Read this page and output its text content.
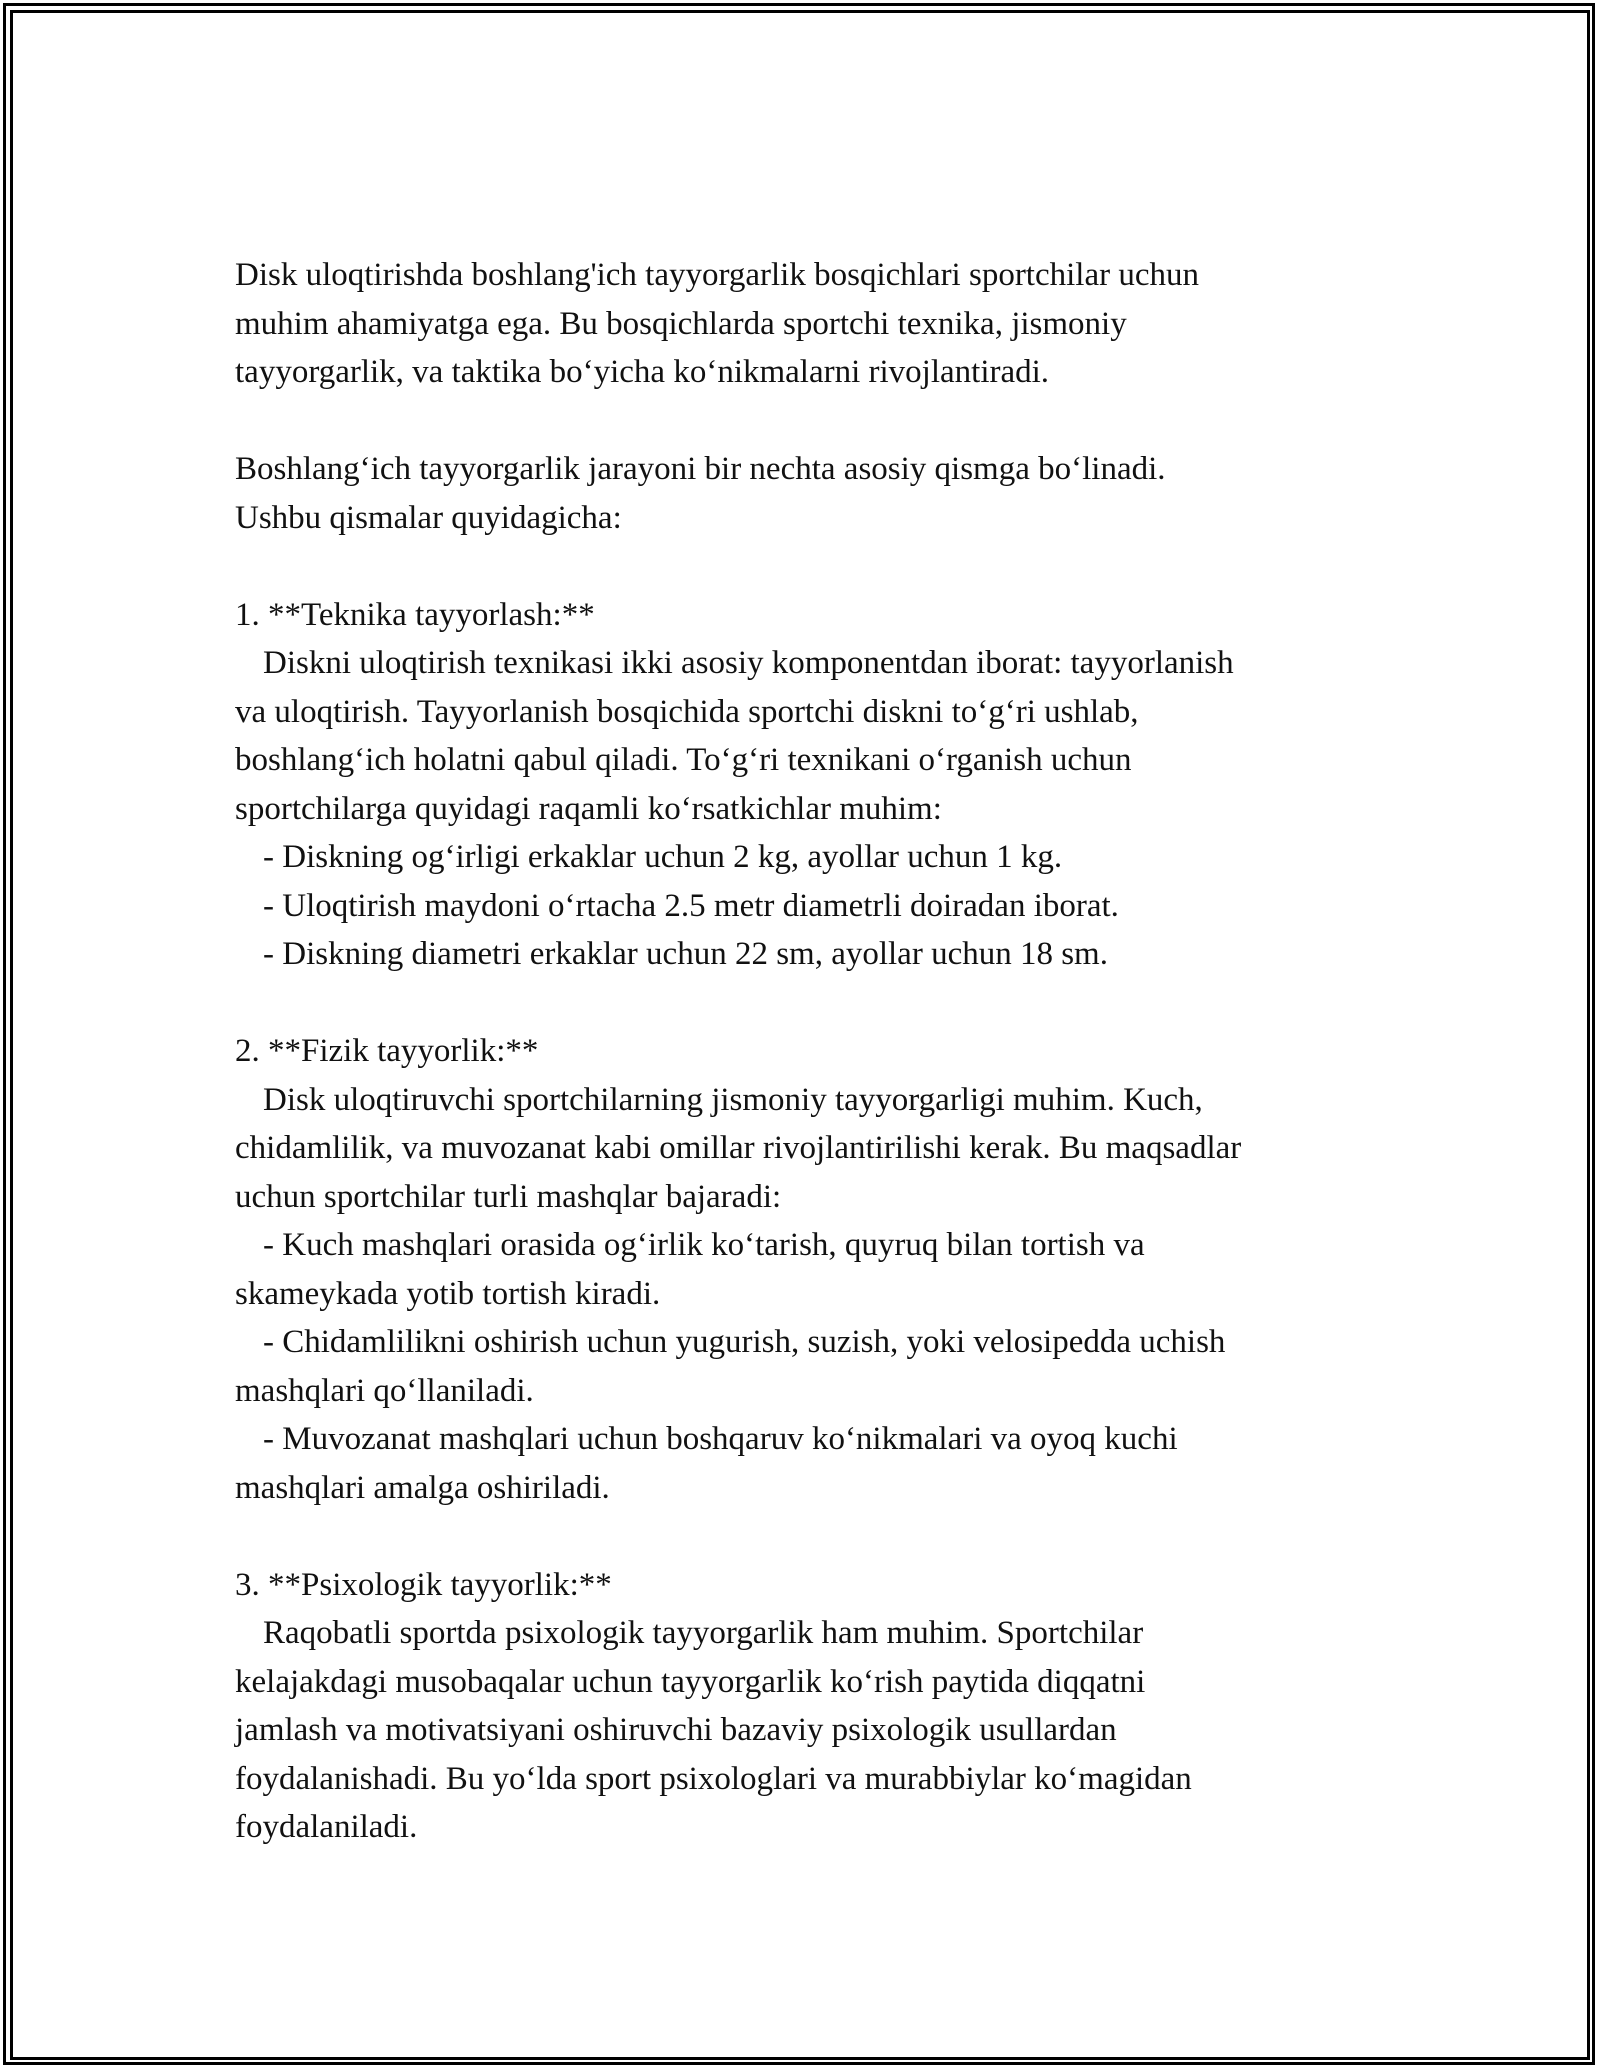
Disk uloqtirishda boshlang'ich tayyorgarlik bosqichlari sportchilar uchun
muhim ahamiyatga ega. Bu bosqichlarda sportchi texnika, jismoniy
tayyorgarlik, va taktika bo‘yicha ko‘nikmalarni rivojlantiradi.

Boshlang‘ich tayyorgarlik jarayoni bir nechta asosiy qismga bo‘linadi.
Ushbu qismalar quyidagicha:

1. **Teknika tayyorlash:**

Diskni uloqtirish texnikasi ikki asosiy komponentdan iborat: tayyorlanish
va uloqtirish. Tayyorlanish bosqichida sportchi diskni to‘g‘ri ushlab,
boshlang‘ich holatni qabul qiladi. To‘g‘ri texnikani o‘rganish uchun
sportchilarga quyidagi raqamli ko‘rsatkichlar muhim:

- Diskning og‘irligi erkaklar uchun 2 kg, ayollar uchun 1 kg.

- Uloqtirish maydoni o‘rtacha 2.5 metr diametrli doiradan iborat.

- Diskning diametri erkaklar uchun 22 sm, ayollar uchun 18 sm.

2. **Fizik tayyorlik:**

Disk uloqtiruvchi sportchilarning jismoniy tayyorgarligi muhim. Kuch,
chidamlilik, va muvozanat kabi omillar rivojlantirilishi kerak. Bu maqsadlar
uchun sportchilar turli mashqlar bajaradi:

- Kuch mashqlari orasida og‘irlik ko‘tarish, quyruq bilan tortish va
skameykada yotib tortish kiradi.

- Chidamlilikni oshirish uchun yugurish, suzish, yoki velosipedda uchish
mashqlari qo‘llaniladi.

- Muvozanat mashqlari uchun boshqaruv ko‘nikmalari va oyoq kuchi
mashqlari amalga oshiriladi.

3. **Psixologik tayyorlik:**

Raqobatli sportda psixologik tayyorgarlik ham muhim. Sportchilar
kelajakdagi musobaqalar uchun tayyorgarlik ko‘rish paytida diqqatni
jamlash va motivatsiyani oshiruvchi bazaviy psixologik usullardan
foydalanishadi. Bu yo‘lda sport psixologlari va murabbiylar ko‘magidan
foydalaniladi.
